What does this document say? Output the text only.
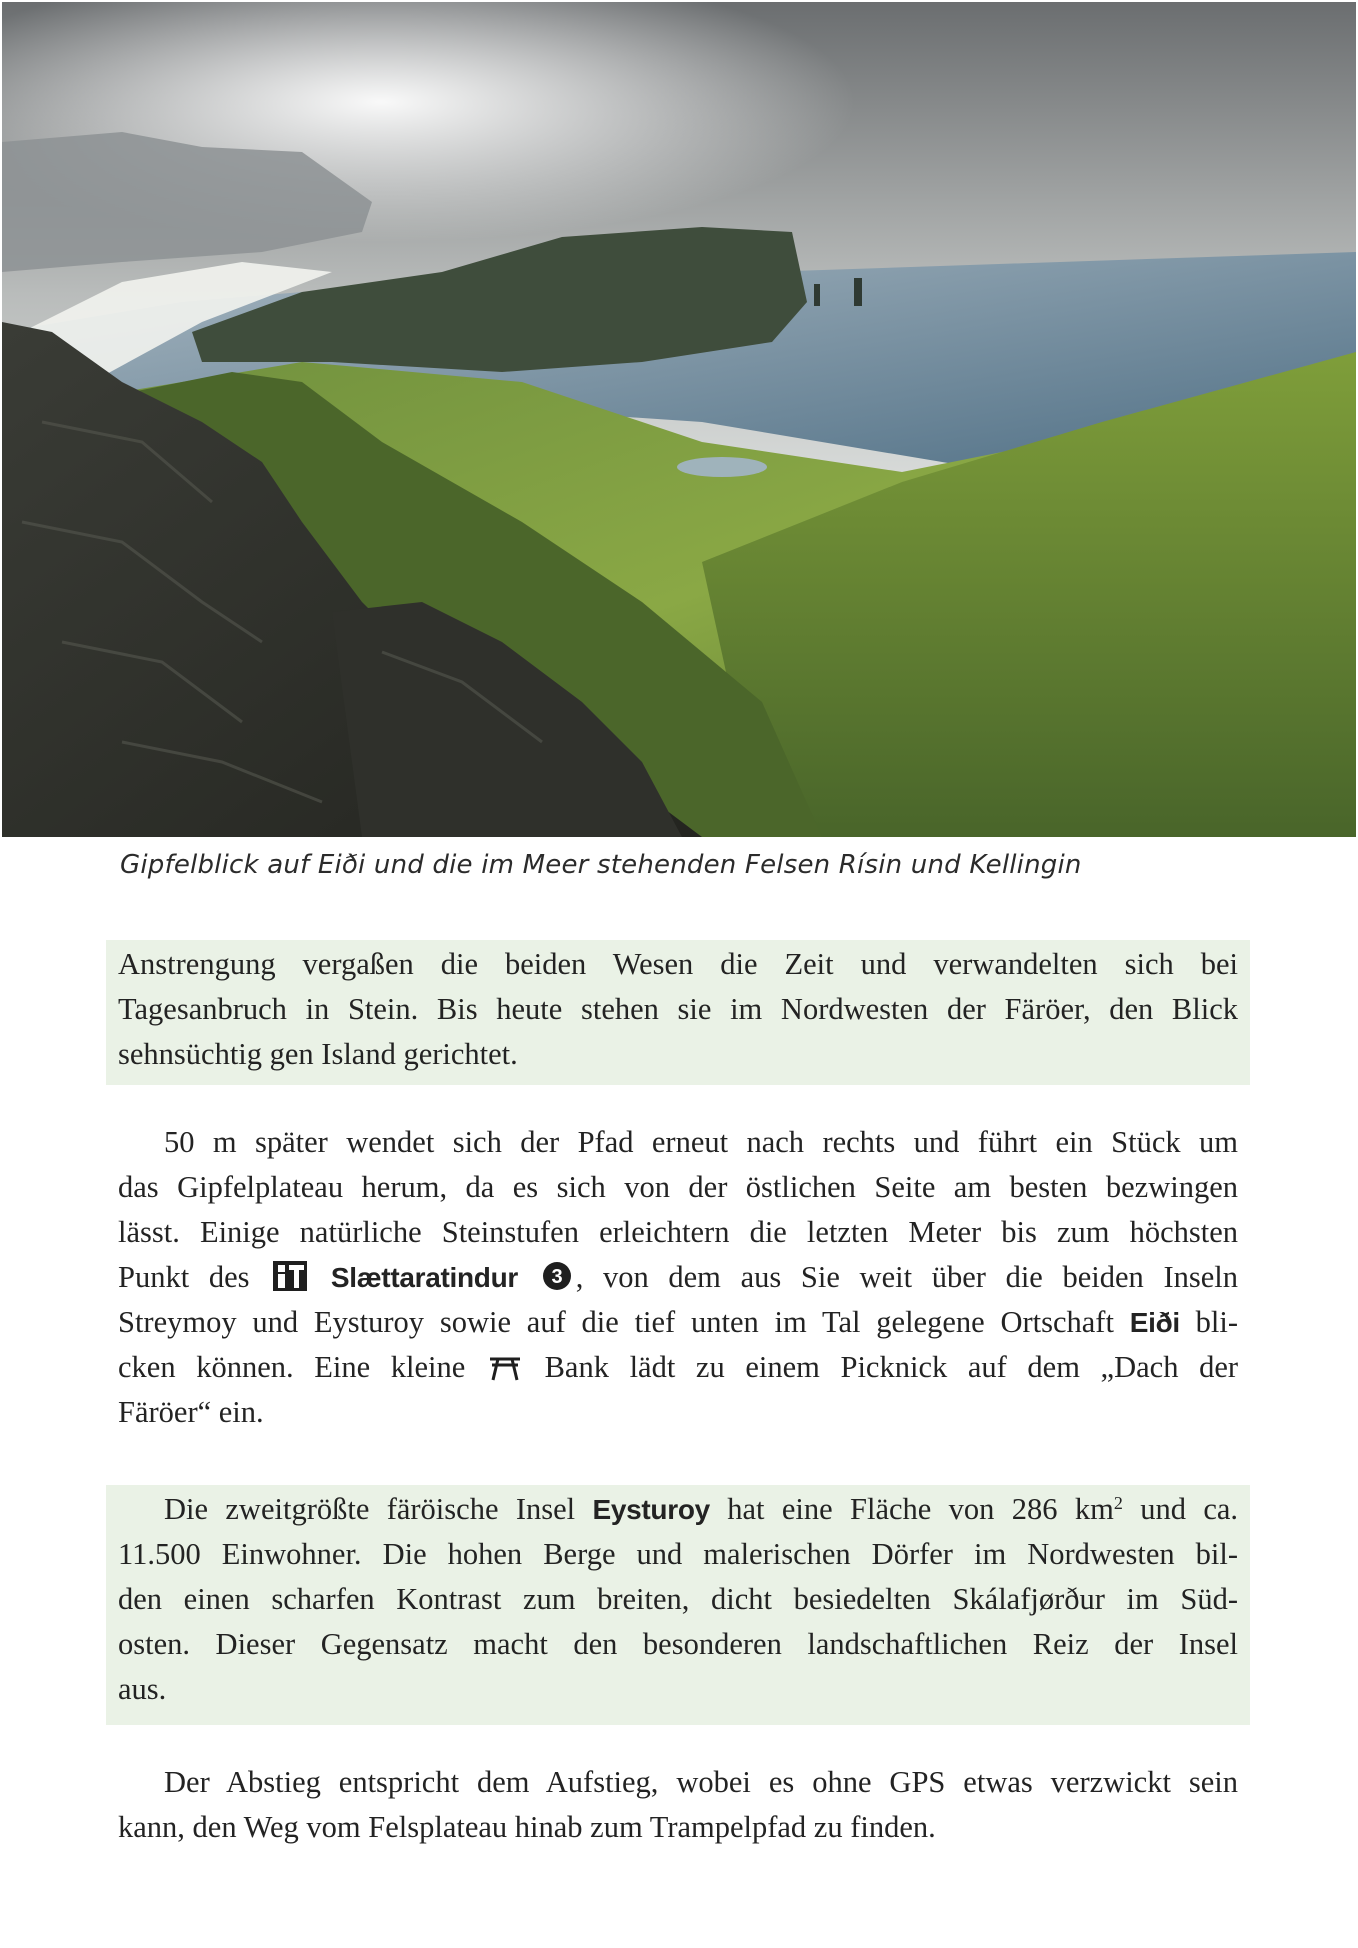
Gipfelblick auf Eiði und die im Meer stehenden Felsen Rísin und Kellingin

Anstrengung vergaßen die beiden Wesen die Zeit und verwandelten sich bei
Tagesanbruch in Stein. Bis heute stehen sie im Nordwesten der Färöer, den Blick
sehnsüchtig gen Island gerichtet.

50 m später wendet sich der Pfad erneut nach rechts und führt ein Stück um
das Gipfelplateau herum, da es sich von der östlichen Seite am besten bezwingen
lässt. Einige natürliche Steinstufen erleichtern die letzten Meter bis zum höchsten
Punkt des	Slættaratindur 3 , von dem aus Sie weit über die beiden Inseln
Streymoy und Eysturoy sowie auf die tief unten im Tal gelegene Ortschaft Eiði bli-
cken können. Eine kleine	Bank lädt zu einem Picknick auf dem „Dach der
Färöer“ ein.

Die zweitgrößte färöische Insel Eysturoy hat eine Fläche von 286 $km^2$ und ca.
11.500 Einwohner. Die hohen Berge und malerischen Dörfer im Nordwesten bil-
den einen scharfen Kontrast zum breiten, dicht besiedelten Skálafjørður im Süd-
osten. Dieser Gegensatz macht den besonderen landschaftlichen Reiz der Insel
aus.

Der Abstieg entspricht dem Aufstieg, wobei es ohne GPS etwas verzwickt sein
kann, den Weg vom Felsplateau hinab zum Trampelpfad zu finden.
